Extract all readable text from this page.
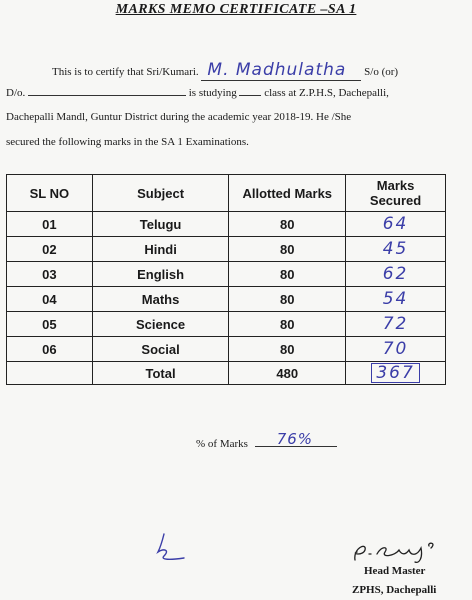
MARKS MEMO CERTIFICATE –SA 1
This is to certify that Sri/Kumari. M. Madhulatha S/o (or)
D/o.	is studying	class at Z.P.H.S, Dachepalli,
Dachepalli Mandl, Guntur District during the academic year 2018-19. He /She
secured the following marks in the SA 1 Examinations.
SL NO	Subject	Allotted Marks	Marks Secured

01	Telugu	80	64
02	Hindi	80	45
03	English	80	62
04	Maths	80	54
05	Science	80	72
06	Social	80	70
	Total	480	367
% of Marks 76%
Head Master
ZPHS, Dachepalli
